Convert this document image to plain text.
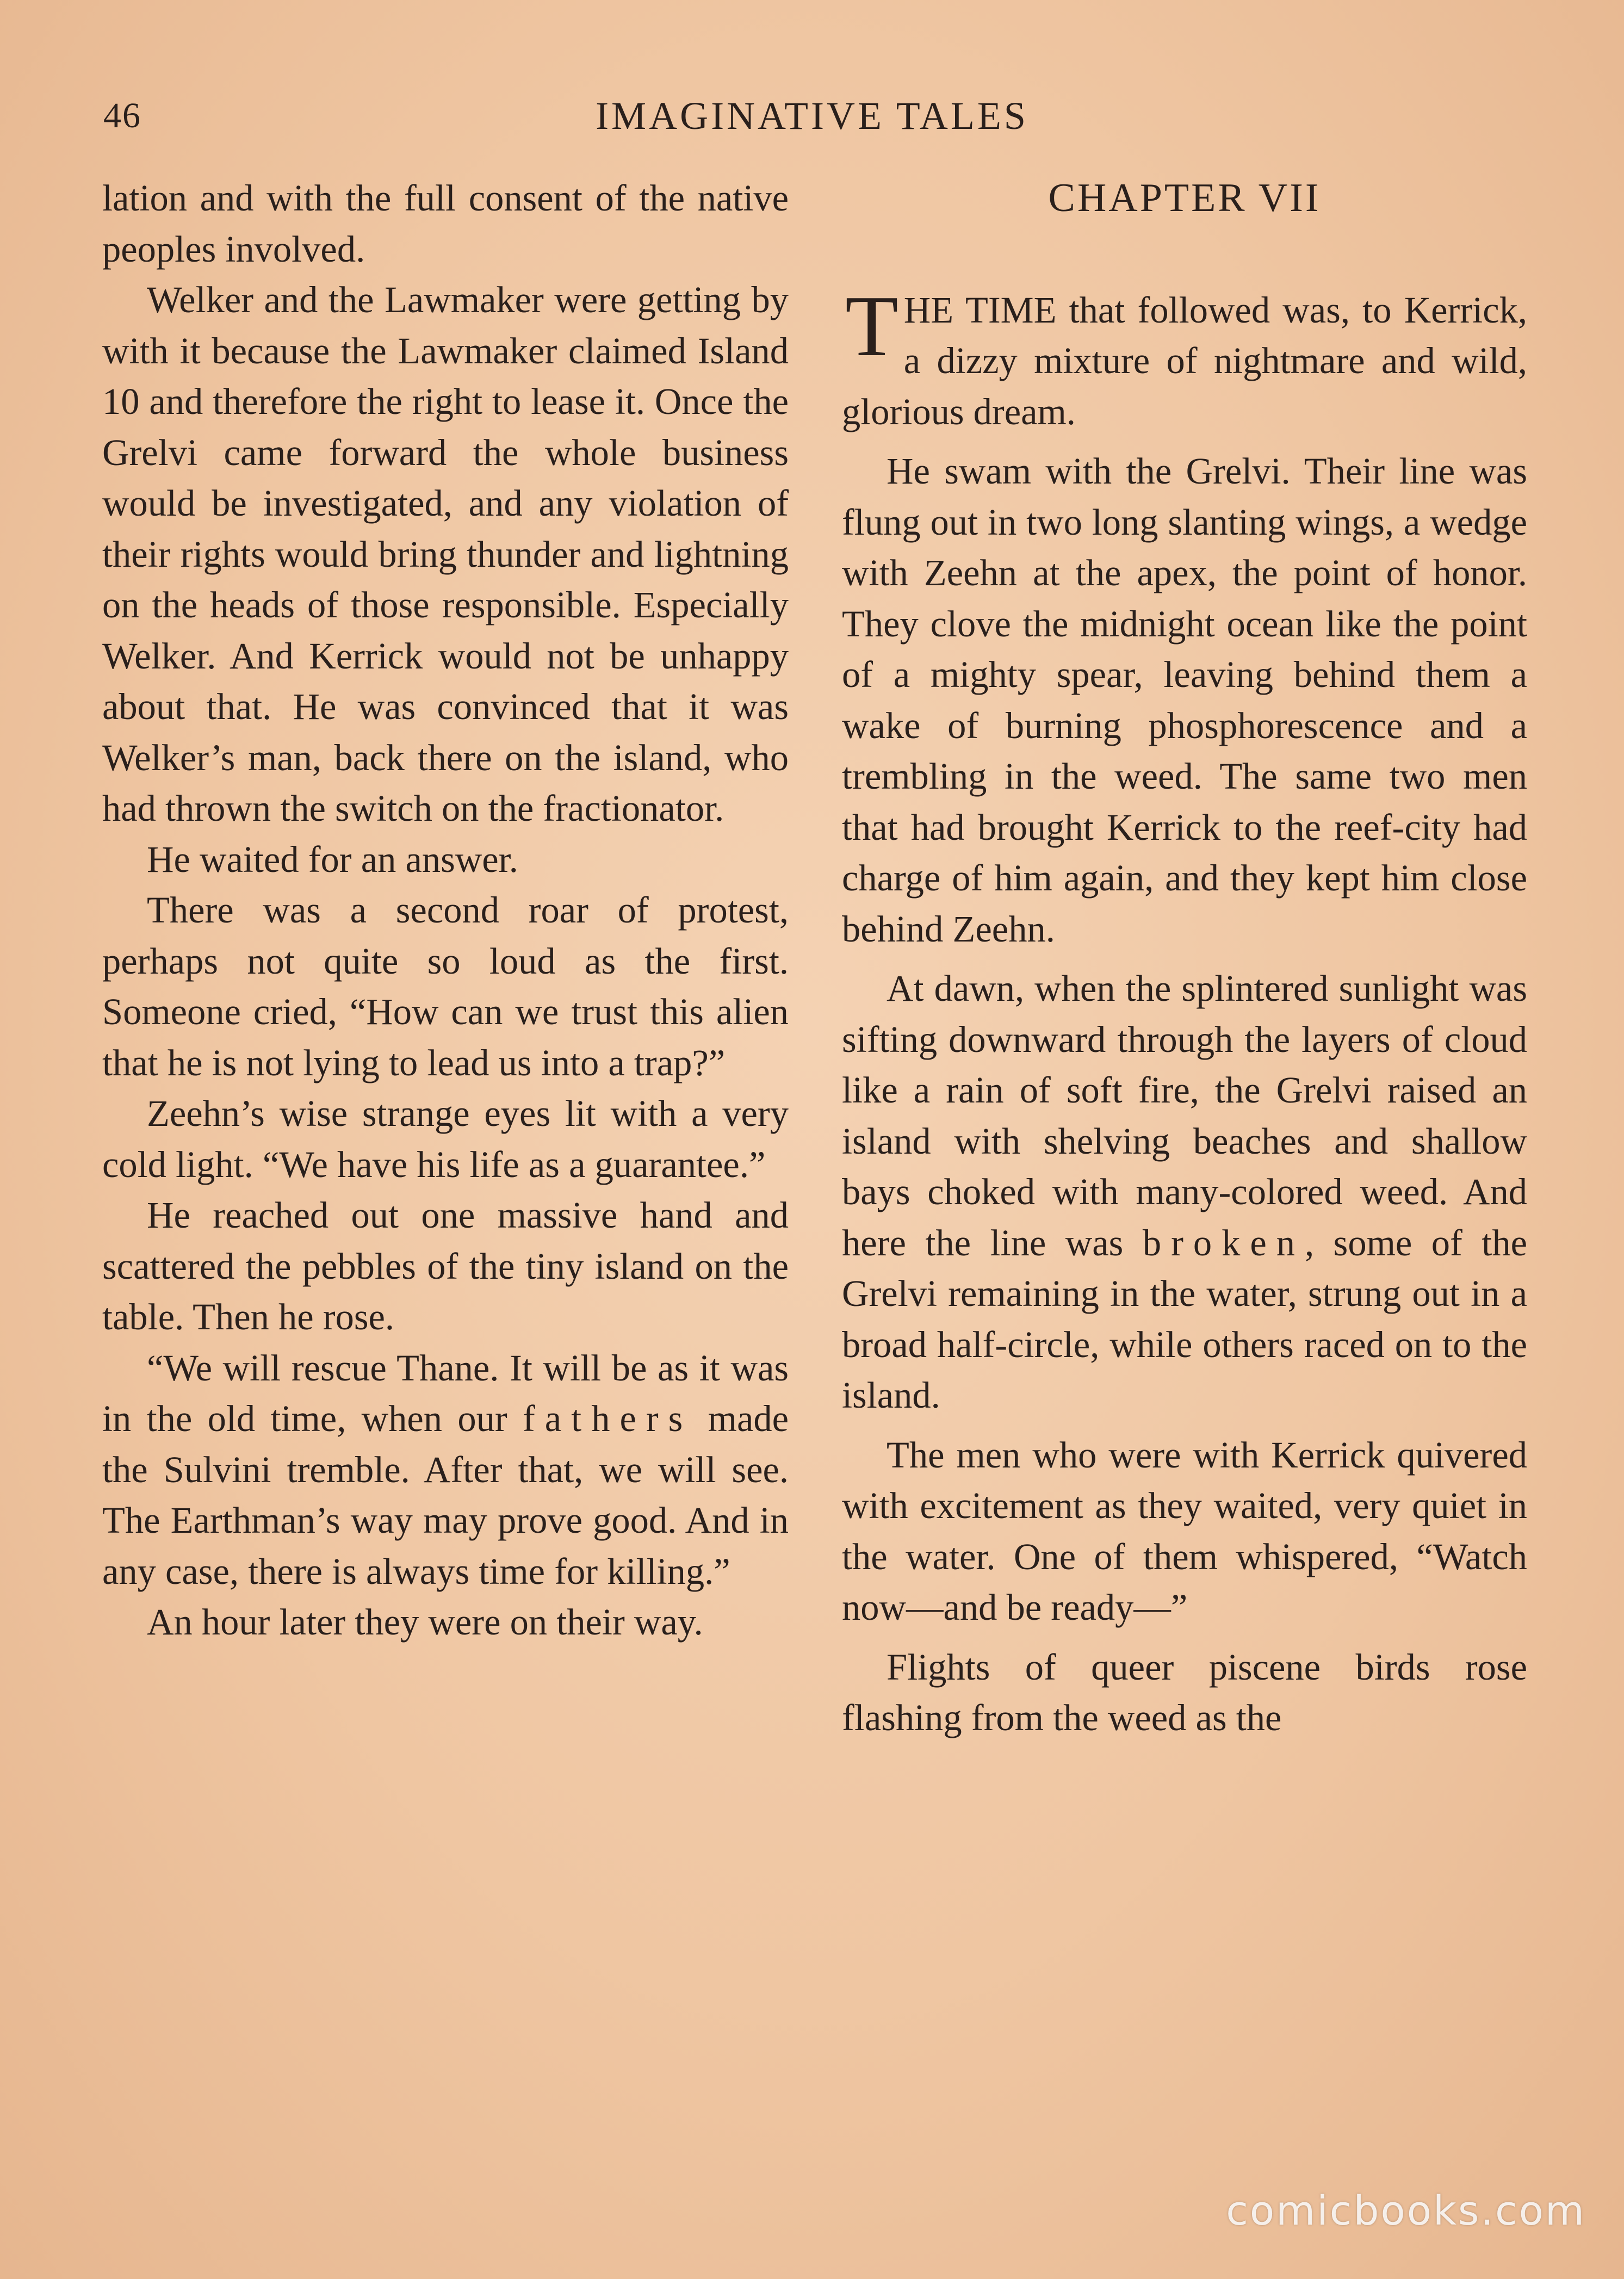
46	IMAGINATIVE TALES

lation and with the full consent of the native peoples involved.

Welker and the Lawmaker were getting by with it because the Lawmaker claimed Island 10 and therefore the right to lease it. Once the Grelvi came forward the whole business would be investigated, and any violation of their rights would bring thunder and lightning on the heads of those responsible. Especially Welker. And Kerrick would not be unhappy about that. He was convinced that it was Welker’s man, back there on the island, who had thrown the switch on the fractionator.

He waited for an answer.

There was a second roar of protest, perhaps not quite so loud as the first. Someone cried, “How can we trust this alien that he is not lying to lead us into a trap?”

Zeehn’s wise strange eyes lit with a very cold light. “We have his life as a guarantee.”

He reached out one massive hand and scattered the pebbles of the tiny island on the table. Then he rose.

“We will rescue Thane. It will be as it was in the old time, when our fathers made the Sulvini tremble. After that, we will see. The Earthman’s way may prove good. And in any case, there is always time for killing.”

An hour later they were on their way.

CHAPTER VII

THE TIME that followed was, to Kerrick, a dizzy mixture of nightmare and wild, glorious dream.

He swam with the Grelvi. Their line was flung out in two long slanting wings, a wedge with Zeehn at the apex, the point of honor. They clove the midnight ocean like the point of a mighty spear, leaving behind them a wake of burning phosphorescence and a trembling in the weed. The same two men that had brought Kerrick to the reef-city had charge of him again, and they kept him close behind Zeehn.

At dawn, when the splintered sunlight was sifting downward through the layers of cloud like a rain of soft fire, the Grelvi raised an island with shelving beaches and shallow bays choked with many-colored weed. And here the line was broken, some of the Grelvi remaining in the water, strung out in a broad half-circle, while others raced on to the island.

The men who were with Kerrick quivered with excitement as they waited, very quiet in the water. One of them whispered, “Watch now—and be ready—”

Flights of queer piscene birds rose flashing from the weed as the

comicbooks.com
